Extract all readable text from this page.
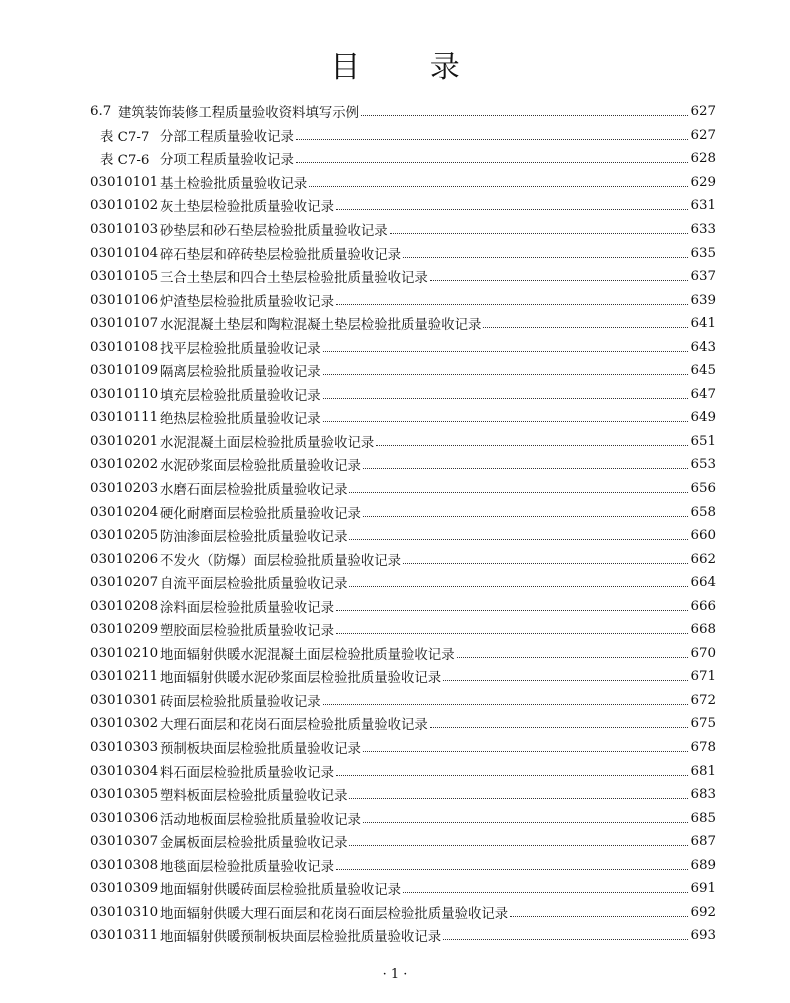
目 录
6.7 建筑装饰装修工程质量验收资料填写示例	627
表 C7-7 分部工程质量验收记录	627
表 C7-6 分项工程质量验收记录	628
03010101 基土检验批质量验收记录	629
03010102 灰土垫层检验批质量验收记录	631
03010103 砂垫层和砂石垫层检验批质量验收记录	633
03010104 碎石垫层和碎砖垫层检验批质量验收记录	635
03010105 三合土垫层和四合土垫层检验批质量验收记录	637
03010106 炉渣垫层检验批质量验收记录	639
03010107 水泥混凝土垫层和陶粒混凝土垫层检验批质量验收记录	641
03010108 找平层检验批质量验收记录	643
03010109 隔离层检验批质量验收记录	645
03010110 填充层检验批质量验收记录	647
03010111 绝热层检验批质量验收记录	649
03010201 水泥混凝土面层检验批质量验收记录	651
03010202 水泥砂浆面层检验批质量验收记录	653
03010203 水磨石面层检验批质量验收记录	656
03010204 硬化耐磨面层检验批质量验收记录	658
03010205 防油渗面层检验批质量验收记录	660
03010206 不发火（防爆）面层检验批质量验收记录	662
03010207 自流平面层检验批质量验收记录	664
03010208 涂料面层检验批质量验收记录	666
03010209 塑胶面层检验批质量验收记录	668
03010210 地面辐射供暖水泥混凝土面层检验批质量验收记录	670
03010211 地面辐射供暖水泥砂浆面层检验批质量验收记录	671
03010301 砖面层检验批质量验收记录	672
03010302 大理石面层和花岗石面层检验批质量验收记录	675
03010303 预制板块面层检验批质量验收记录	678
03010304 料石面层检验批质量验收记录	681
03010305 塑料板面层检验批质量验收记录	683
03010306 活动地板面层检验批质量验收记录	685
03010307 金属板面层检验批质量验收记录	687
03010308 地毯面层检验批质量验收记录	689
03010309 地面辐射供暖砖面层检验批质量验收记录	691
03010310 地面辐射供暖大理石面层和花岗石面层检验批质量验收记录	692
03010311 地面辐射供暖预制板块面层检验批质量验收记录	693
· 1 ·
